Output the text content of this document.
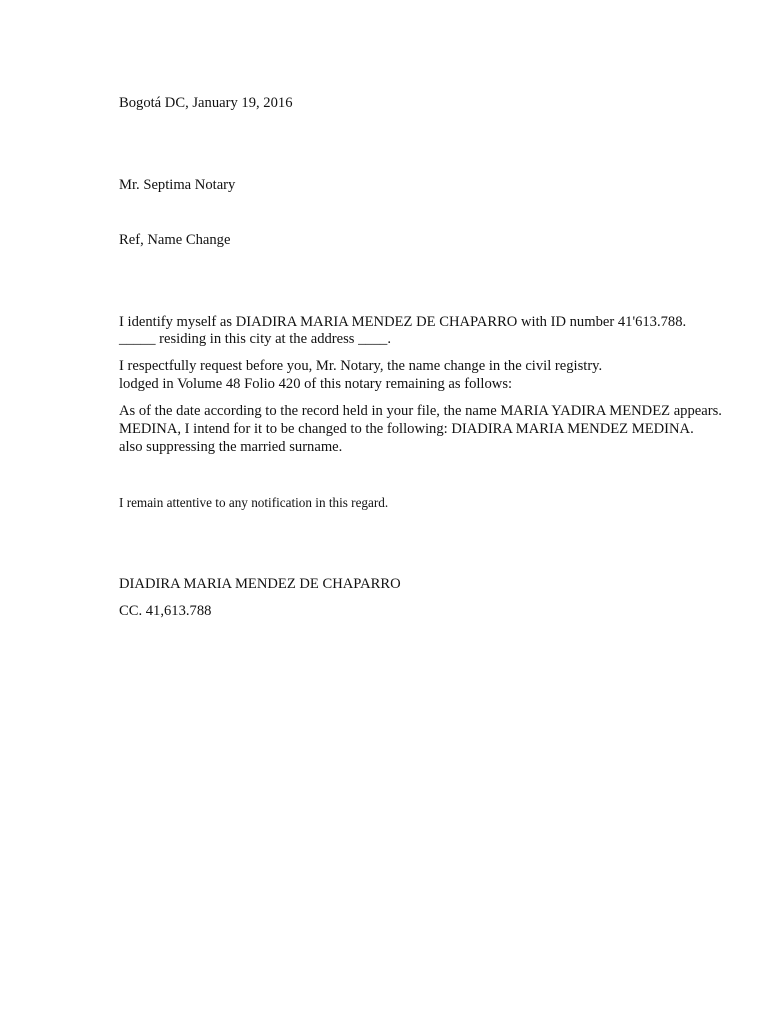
Bogotá DC, January 19, 2016

Mr. Septima Notary

Ref, Name Change

I identify myself as DIADIRA MARIA MENDEZ DE CHAPARRO with ID number 41'613.788.

_____ residing in this city at the address ____.

I respectfully request before you, Mr. Notary, the name change in the civil registry.

lodged in Volume 48 Folio 420 of this notary remaining as follows:

As of the date according to the record held in your file, the name MARIA YADIRA MENDEZ appears.

MEDINA, I intend for it to be changed to the following: DIADIRA MARIA MENDEZ MEDINA.

also suppressing the married surname.

I remain attentive to any notification in this regard.

DIADIRA MARIA MENDEZ DE CHAPARRO

CC. 41,613.788
